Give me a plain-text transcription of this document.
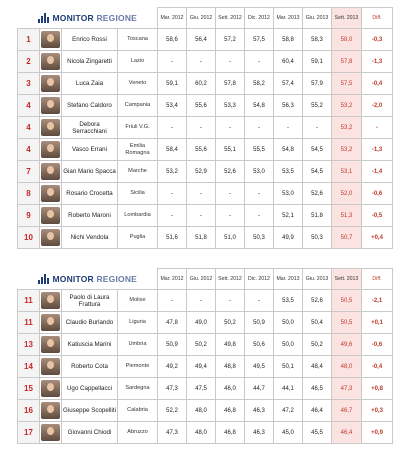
MONITOR REGIONE				Mar. 2012	Giu. 2012	Sett. 2012	Dic. 2012	Mar. 2013	Giu. 2013	Sett. 2013	Diff.
1		Enrico Rossi	Toscana	58,6	56,4	57,2	57,5	58,8	58,3	58,0	-0,3
2		Nicola Zingaretti	Lazio	-	-	-	-	60,4	59,1	57,8	-1,3
3		Luca Zaia	Veneto	59,1	60,2	57,8	58,2	57,4	57,9	57,5	-0,4
4		Stefano Caldoro	Campania	53,4	55,6	53,3	54,8	56,3	55,2	53,2	-2,0
4		Debora Serracchiani	Friuli V.G.	-	-	-	-	-	-	53,2	-
4		Vasco Errani	Emilia Romagna	58,4	55,6	55,1	55,5	54,8	54,5	53,2	-1,3
7		Gian Mario Spacca	Marche	53,2	52,9	52,6	53,0	53,5	54,5	53,1	-1,4
8		Rosario Crocetta	Sicilia	-	-	-	-	53,0	52,6	52,0	-0,6
9		Roberto Maroni	Lombardia	-	-	-	-	52,1	51,8	51,3	-0,5
10		Nichi Vendola	Puglia	51,6	51,8	51,0	50,3	49,9	50,3	50,7	+0,4
MONITOR REGIONE				Mar. 2012	Giu. 2012	Sett. 2012	Dic. 2012	Mar. 2013	Giu. 2013	Sett. 2013	Diff.
11		Paolo di Laura Frattura	Molise	-	-	-	-	53,5	52,6	50,5	-2,1
11		Claudio Burlando	Liguria	47,8	49,0	50,2	50,9	50,0	50,4	50,5	+0,1
13		Katiuscia Marini	Umbria	50,9	50,2	49,8	50,6	50,0	50,2	49,6	-0,6
14		Roberto Cota	Piemonte	49,2	49,4	48,8	49,5	50,1	48,4	48,0	-0,4
15		Ugo Cappellacci	Sardegna	47,3	47,5	46,0	44,7	44,1	46,5	47,3	+0,8
16		Giuseppe Scopelliti	Calabria	52,2	48,0	46,8	46,3	47,2	46,4	46,7	+0,3
17		Giovanni Chiodi	Abruzzo	47,3	48,0	46,8	46,3	45,0	45,5	46,4	+0,9
